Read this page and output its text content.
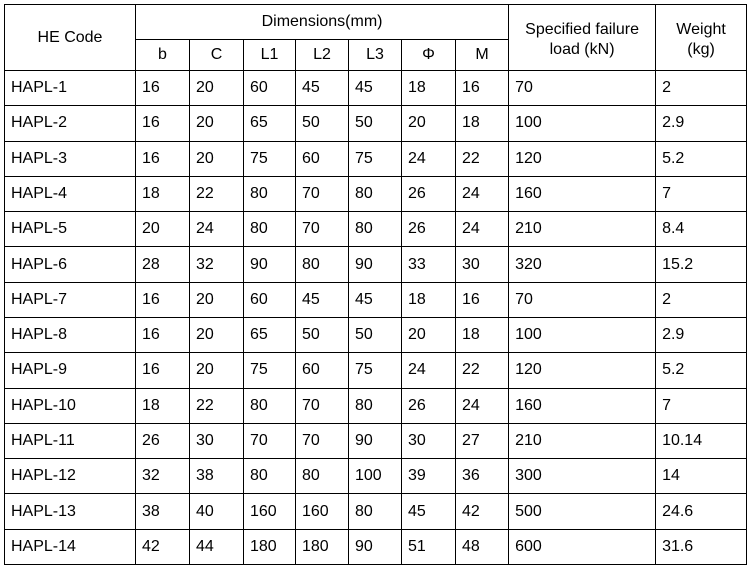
HE Code	Dimensions(mm)							Specified failure	Weight
	b	C	L1	L2	L3	Φ	M	load (kN)	(kg)
HAPL-1	16	20	60	45	45	18	16	70	2
HAPL-2	16	20	65	50	50	20	18	100	2.9
HAPL-3	16	20	75	60	75	24	22	120	5.2
HAPL-4	18	22	80	70	80	26	24	160	7
HAPL-5	20	24	80	70	80	26	24	210	8.4
HAPL-6	28	32	90	80	90	33	30	320	15.2
HAPL-7	16	20	60	45	45	18	16	70	2
HAPL-8	16	20	65	50	50	20	18	100	2.9
HAPL-9	16	20	75	60	75	24	22	120	5.2
HAPL-10	18	22	80	70	80	26	24	160	7
HAPL-11	26	30	70	70	90	30	27	210	10.14
HAPL-12	32	38	80	80	100	39	36	300	14
HAPL-13	38	40	160	160	80	45	42	500	24.6
HAPL-14	42	44	180	180	90	51	48	600	31.6
